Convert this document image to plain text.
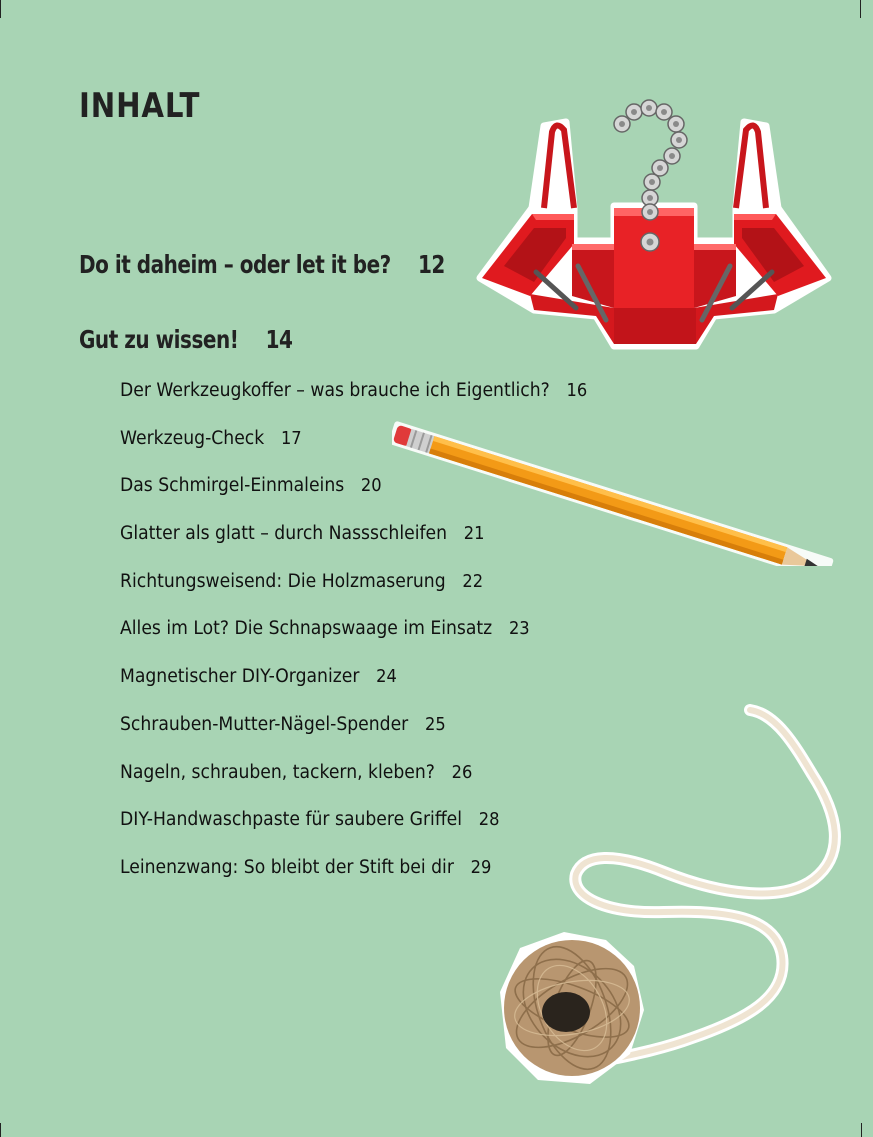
INHALT
Do it daheim – oder let it be? 12
Gut zu wissen! 14
Der Werkzeugkoffer – was brauche ich Eigentlich? 16
Werkzeug-Check 17
Das Schmirgel-Einmaleins 20
Glatter als glatt – durch Nassschleifen 21
Richtungsweisend: Die Holzmaserung 22
Alles im Lot? Die Schnapswaage im Einsatz 23
Magnetischer DIY-Organizer 24
Schrauben-Mutter-Nägel-Spender 25
Nageln, schrauben, tackern, kleben? 26
DIY-Handwaschpaste für saubere Griffel 28
Leinenzwang: So bleibt der Stift bei dir 29
